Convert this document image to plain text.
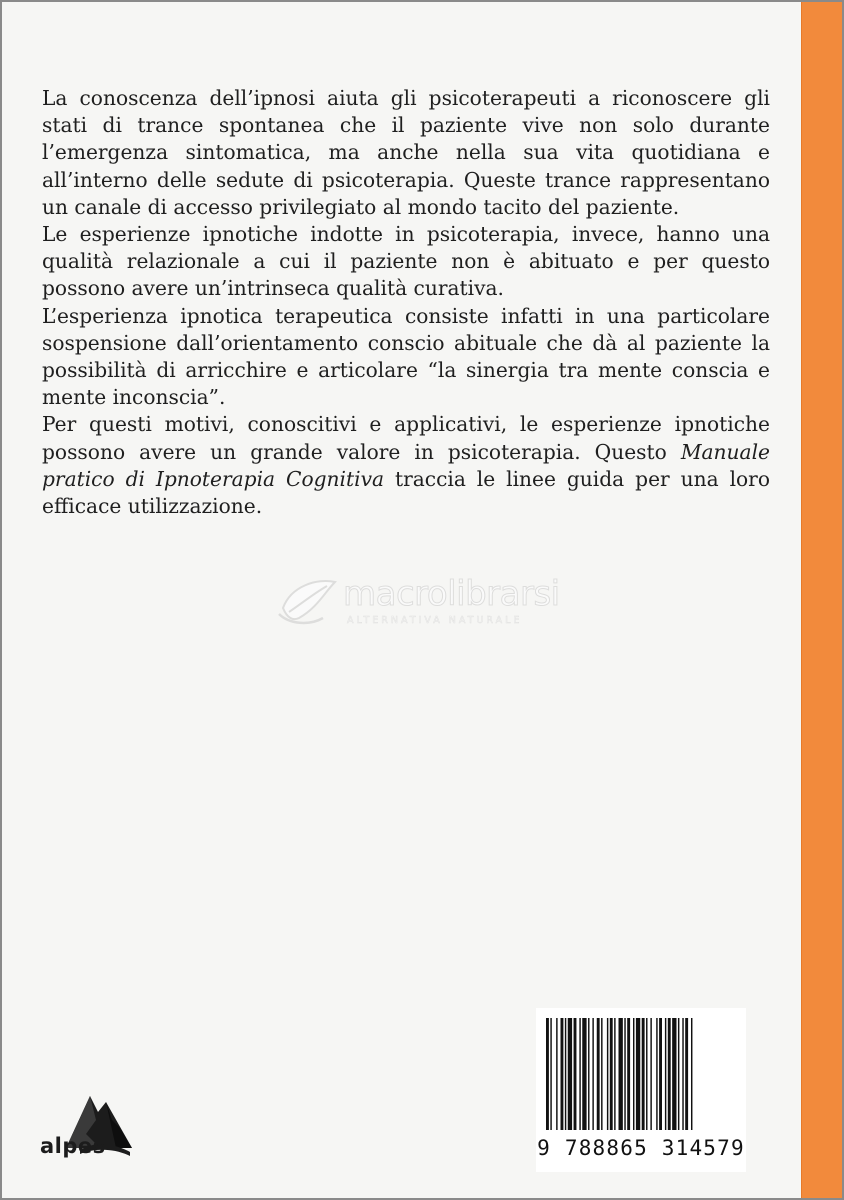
La conoscenza dell’ipnosi aiuta gli psicoterapeuti a riconoscere gli stati di trance spontanea che il paziente vive non solo durante l’emergenza sintomatica, ma anche nella sua vita quotidiana e all’interno delle sedute di psicoterapia. Queste trance rappresentano un canale di accesso privilegiato al mondo tacito del paziente.

Le esperienze ipnotiche indotte in psicoterapia, invece, hanno una qualità relazionale a cui il paziente non è abituato e per questo possono avere un’intrinseca qualità curativa.

L’esperienza ipnotica terapeutica consiste infatti in una particolare sospensione dall’orientamento conscio abituale che dà al paziente la possibilità di arricchire e articolare “la sinergia tra mente conscia e mente inconscia”.

Per questi motivi, conoscitivi e applicativi, le esperienze ipnotiche possono avere un grande valore in psicoterapia. Questo Manuale pratico di Ipnoterapia Cognitiva traccia le linee guida per una loro efficace utilizzazione.

macrolibrarsi
ALTERNATIVA NATURALE
9 788865 314579
alpes
